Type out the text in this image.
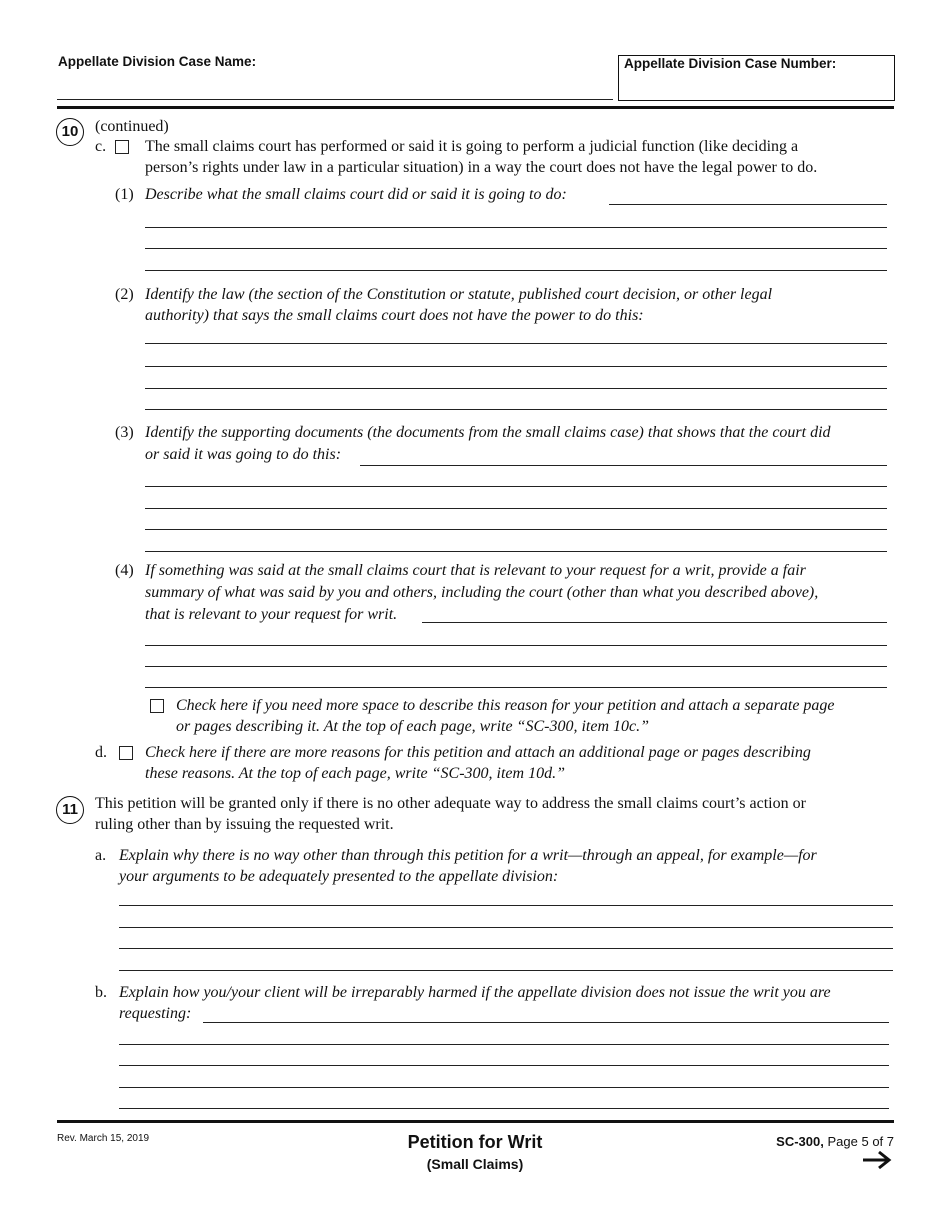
Appellate Division Case Name:	Appellate Division Case Number:
10	(continued)
c. The small claims court has performed or said it is going to perform a judicial function (like deciding a
person’s rights under law in a particular situation) in a way the court does not have the legal power to do.
(1) Describe what the small claims court did or said it is going to do:
(2) Identify the law (the section of the Constitution or statute, published court decision, or other legal
authority) that says the small claims court does not have the power to do this:
(3) Identify the supporting documents (the documents from the small claims case) that shows that the court did
or said it was going to do this:
(4) If something was said at the small claims court that is relevant to your request for a writ, provide a fair
summary of what was said by you and others, including the court (other than what you described above),
that is relevant to your request for writ.
Check here if you need more space to describe this reason for your petition and attach a separate page
or pages describing it. At the top of each page, write “SC-300, item 10c.”
d. Check here if there are more reasons for this petition and attach an additional page or pages describing
these reasons. At the top of each page, write “SC-300, item 10d.”
11	This petition will be granted only if there is no other adequate way to address the small claims court’s action or
ruling other than by issuing the requested writ.
a. Explain why there is no way other than through this petition for a writ—through an appeal, for example—for
your arguments to be adequately presented to the appellate division:
b. Explain how you/your client will be irreparably harmed if the appellate division does not issue the writ you are
requesting:
Rev. March 15, 2019	Petition for Writ
(Small Claims)
SC-300, Page 5 of 7
